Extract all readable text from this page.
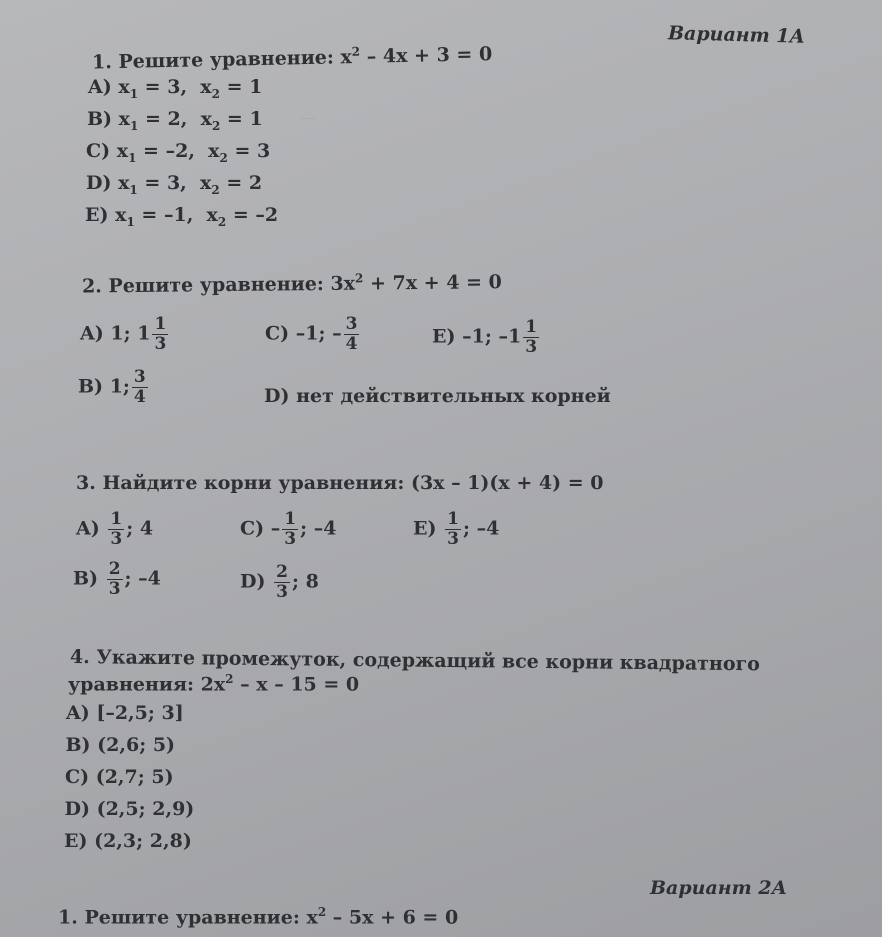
—
Вариант 1А
1. Решите уравнение: $x^2 - 4x + 3 = 0$
A) $x_1 = 3$,  $x_2 = 1$
B) $x_1 = 2$,  $x_2 = 1$
C) $x_1 = -2$,  $x_2 = 3$
D) $x_1 = 3$,  $x_2 = 2$
E) $x_1 = -1$,  $x_2 = -2$
2. Решите уравнение: $3x^2 + 7x + 4 = 0$
A) 1; $1 \frac{1}{3}$	C) –1; – $\frac{3}{4}$	E) –1; $-1 \frac{1}{3}$
B) 1; $\frac{3}{4}$	D) нет действительных корней
3. Найдите корни уравнения: (3x – 1)(x + 4) = 0
$A) \frac{1}{3}$ ; 4	$C) - \frac{1}{3}$ ; –4	$E) \frac{1}{3}$ ; –4
$B) \frac{2}{3}$ ; –4	$D) \frac{2}{3}$ ; 8
4. Укажите промежуток, содержащий все корни квадратного
уравнения: $2x^2 - x - 15 = 0$
A) [–2,5; 3]
B) (2,6; 5)
C) (2,7; 5)
D) (2,5; 2,9)
E) (2,3; 2,8)
Вариант 2А
1. Решите уравнение: $x^2 - 5x + 6 = 0$
